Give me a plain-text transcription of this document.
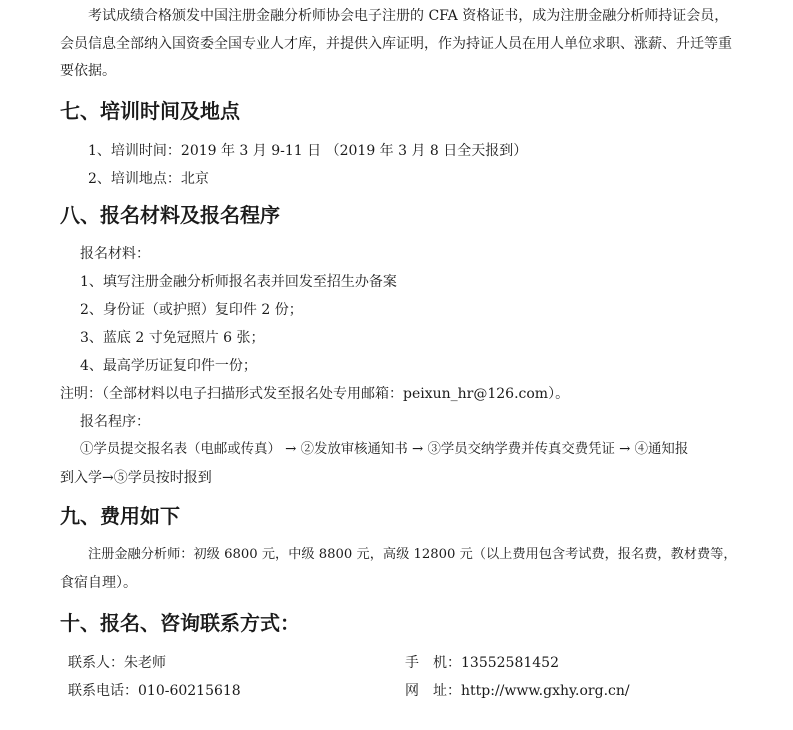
考试成绩合格颁发中国注册金融分析师协会电子注册的 CFA 资格证书，成为注册金融分析师持证会员，会员信息全部纳入国资委全国专业人才库，并提供入库证明，作为持证人员在用人单位求职、涨薪、升迁等重要依据。
七、培训时间及地点
1、培训时间：2019 年 3 月 9-11 日 （2019 年 3 月 8 日全天报到）
2、培训地点：北京
八、报名材料及报名程序
报名材料：
1、填写注册金融分析师报名表并回发至招生办备案
2、身份证（或护照）复印件 2 份；
3、蓝底 2 寸免冠照片 6 张；
4、最高学历证复印件一份；
注明：（全部材料以电子扫描形式发至报名处专用邮箱：peixun_hr@126.com）。
报名程序：
①学员提交报名表（电邮或传真） → ②发放审核通知书 → ③学员交纳学费并传真交费凭证 → ④通知报
到入学→⑤学员按时报到
九、费用如下
注册金融分析师：初级 6800 元，中级 8800 元，高级 12800 元（以上费用包含考试费，报名费，教材费等，
食宿自理）。
十、报名、咨询联系方式：
联系人：朱老师	手　机：13552581452
联系电话：010-60215618	网　址：http://www.gxhy.org.cn/
